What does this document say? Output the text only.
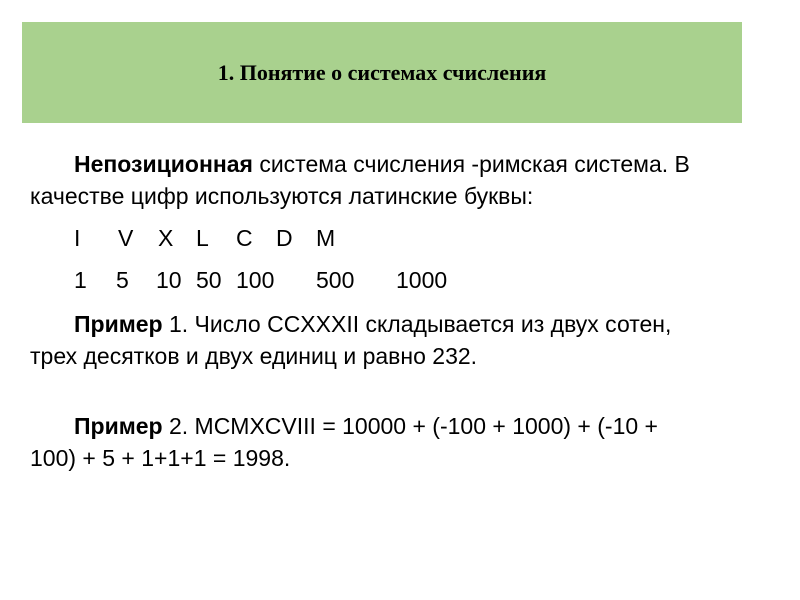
1. Понятие о системах счисления

Непозиционная система счисления -римская система. В качестве цифр используются латинские буквы:

I V X L C D M
1 5 10 50 100 500 1000

Пример 1. Число CCXXXII складывается из двух сотен, трех десятков и двух единиц и равно 232.

Пример 2. MCMXCVIII = 10000 + (-100 + 1000) + (-10 + 100) + 5 + 1+1+1 = 1998.
